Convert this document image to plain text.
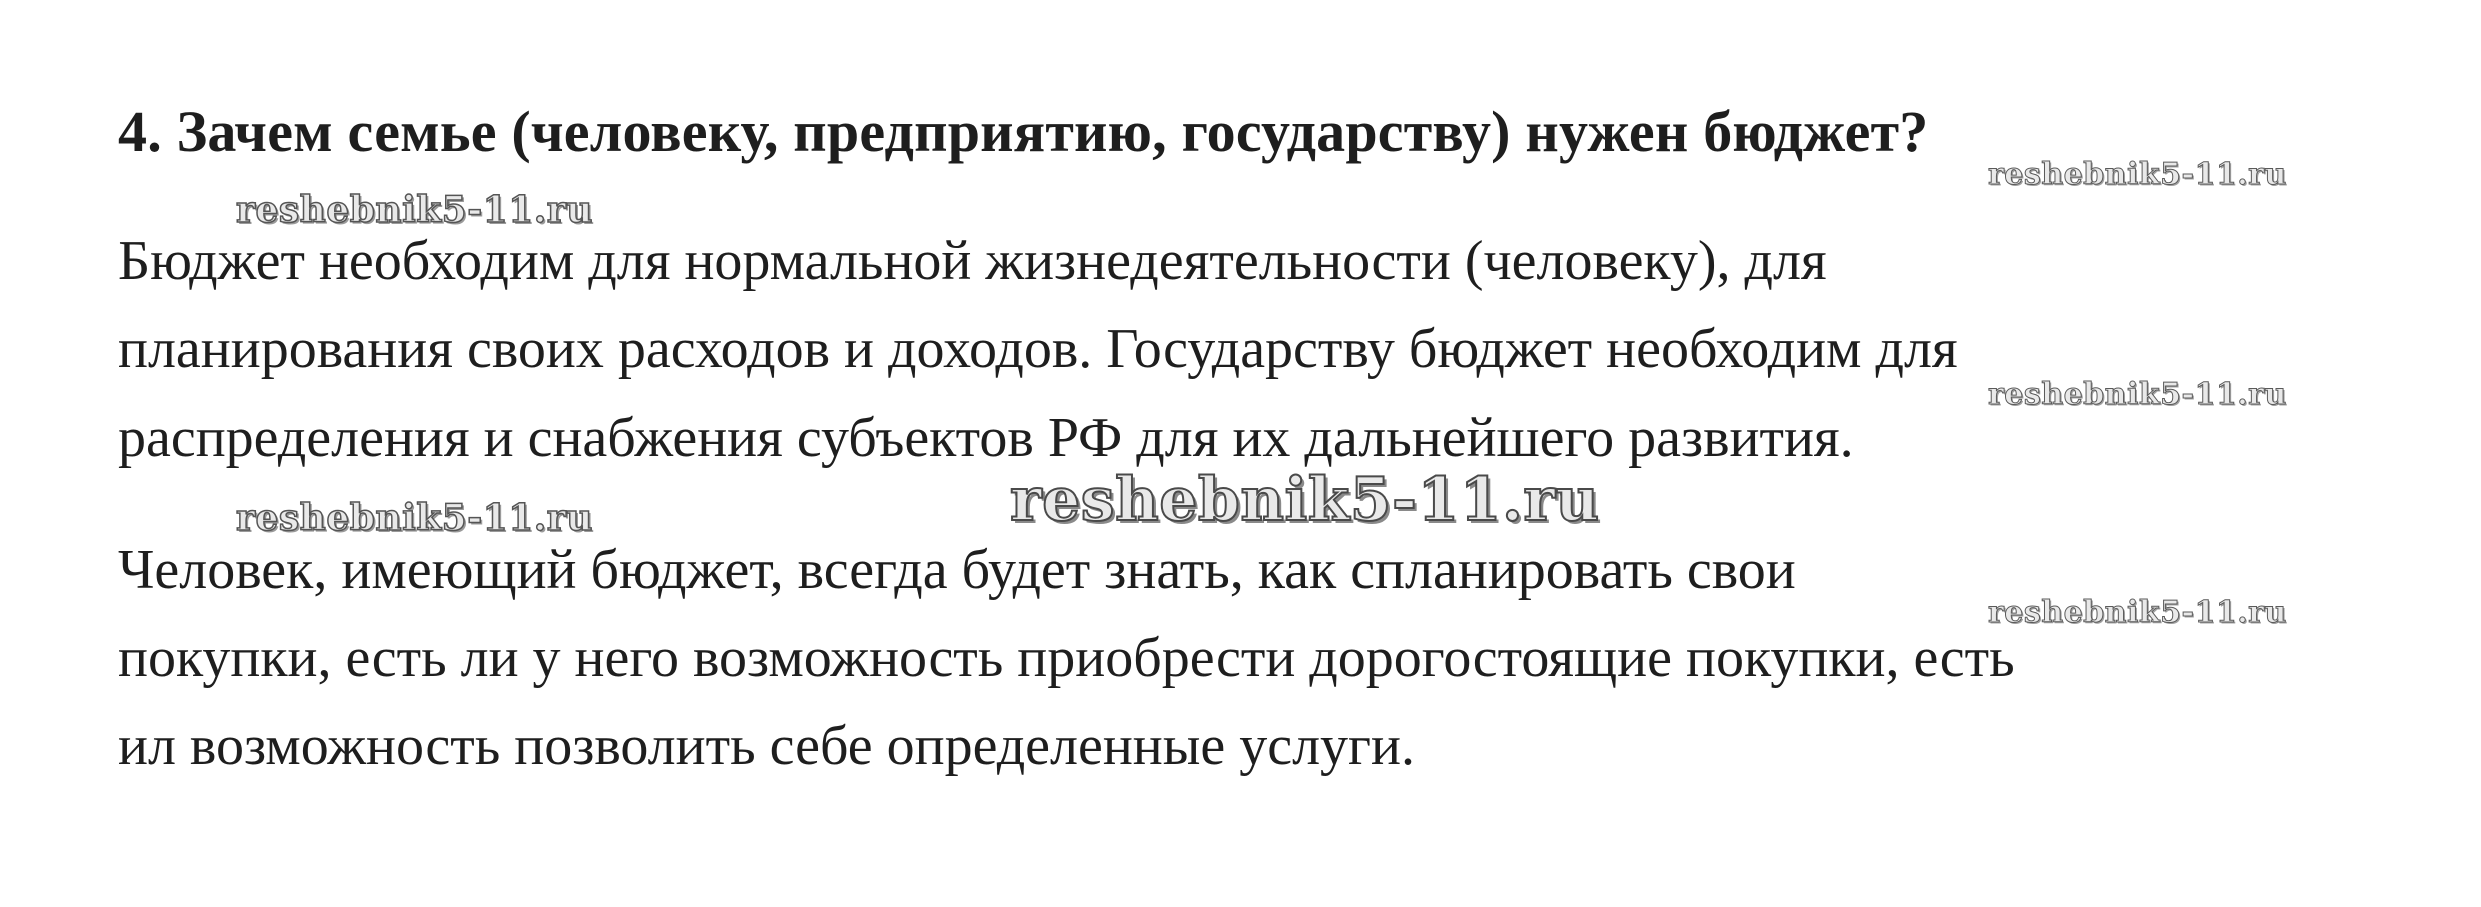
4. Зачем семье (человеку, предприятию, государству) нужен бюджет?

reshebnik5-11.ru
reshebnik5-11.ru

Бюджет необходим для нормальной жизнедеятельности (человеку), для

планирования своих расходов и доходов. Государству бюджет необходим для

reshebnik5-11.ru

распределения и снабжения субъектов РФ для их дальнейшего развития.

reshebnik5-11.ru
reshebnik5-11.ru

Человек, имеющий бюджет, всегда будет знать, как спланировать свои

reshebnik5-11.ru

покупки, есть ли у него возможность приобрести дорогостоящие покупки, есть

ил возможность позволить себе определенные услуги.
